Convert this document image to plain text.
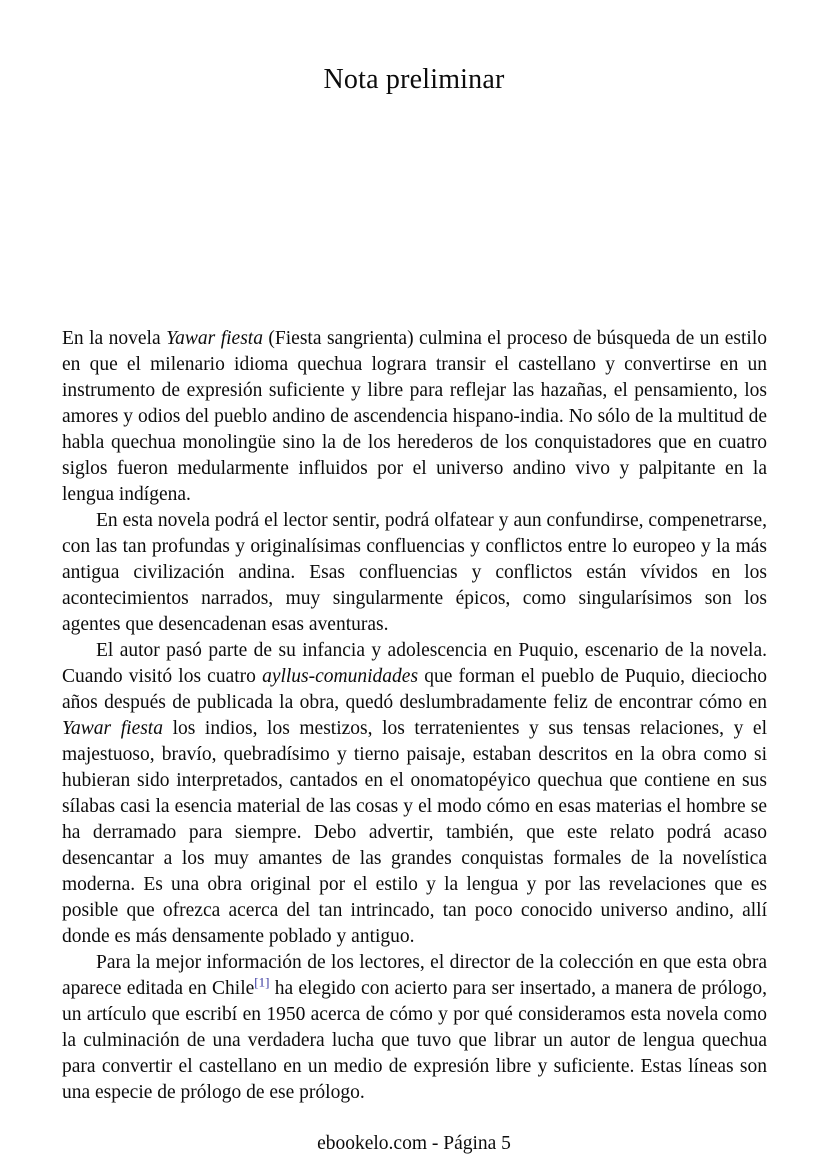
Nota preliminar

En la novela Yawar fiesta (Fiesta sangrienta) culmina el proceso de búsqueda de un estilo en que el milenario idioma quechua lograra transir el castellano y convertirse en un instrumento de expresión suficiente y libre para reflejar las hazañas, el pensamiento, los amores y odios del pueblo andino de ascendencia hispano-india. No sólo de la multitud de habla quechua monolingüe sino la de los herederos de los conquistadores que en cuatro siglos fueron medularmente influidos por el universo andino vivo y palpitante en la lengua indígena.

En esta novela podrá el lector sentir, podrá olfatear y aun confundirse, compenetrarse, con las tan profundas y originalísimas confluencias y conflictos entre lo europeo y la más antigua civilización andina. Esas confluencias y conflictos están vívidos en los acontecimientos narrados, muy singularmente épicos, como singularísimos son los agentes que desencadenan esas aventuras.

El autor pasó parte de su infancia y adolescencia en Puquio, escenario de la novela. Cuando visitó los cuatro ayllus-comunidades que forman el pueblo de Puquio, dieciocho años después de publicada la obra, quedó deslumbradamente feliz de encontrar cómo en Yawar fiesta los indios, los mestizos, los terratenientes y sus tensas relaciones, y el majestuoso, bravío, quebradísimo y tierno paisaje, estaban descritos en la obra como si hubieran sido interpretados, cantados en el onomatopéyico quechua que contiene en sus sílabas casi la esencia material de las cosas y el modo cómo en esas materias el hombre se ha derramado para siempre. Debo advertir, también, que este relato podrá acaso desencantar a los muy amantes de las grandes conquistas formales de la novelística moderna. Es una obra original por el estilo y la lengua y por las revelaciones que es posible que ofrezca acerca del tan intrincado, tan poco conocido universo andino, allí donde es más densamente poblado y antiguo.

Para la mejor información de los lectores, el director de la colección en que esta obra aparece editada en Chile[1] ha elegido con acierto para ser insertado, a manera de prólogo, un artículo que escribí en 1950 acerca de cómo y por qué consideramos esta novela como la culminación de una verdadera lucha que tuvo que librar un autor de lengua quechua para convertir el castellano en un medio de expresión libre y suficiente. Estas líneas son una especie de prólogo de ese prólogo.

ebookelo.com - Página 5
